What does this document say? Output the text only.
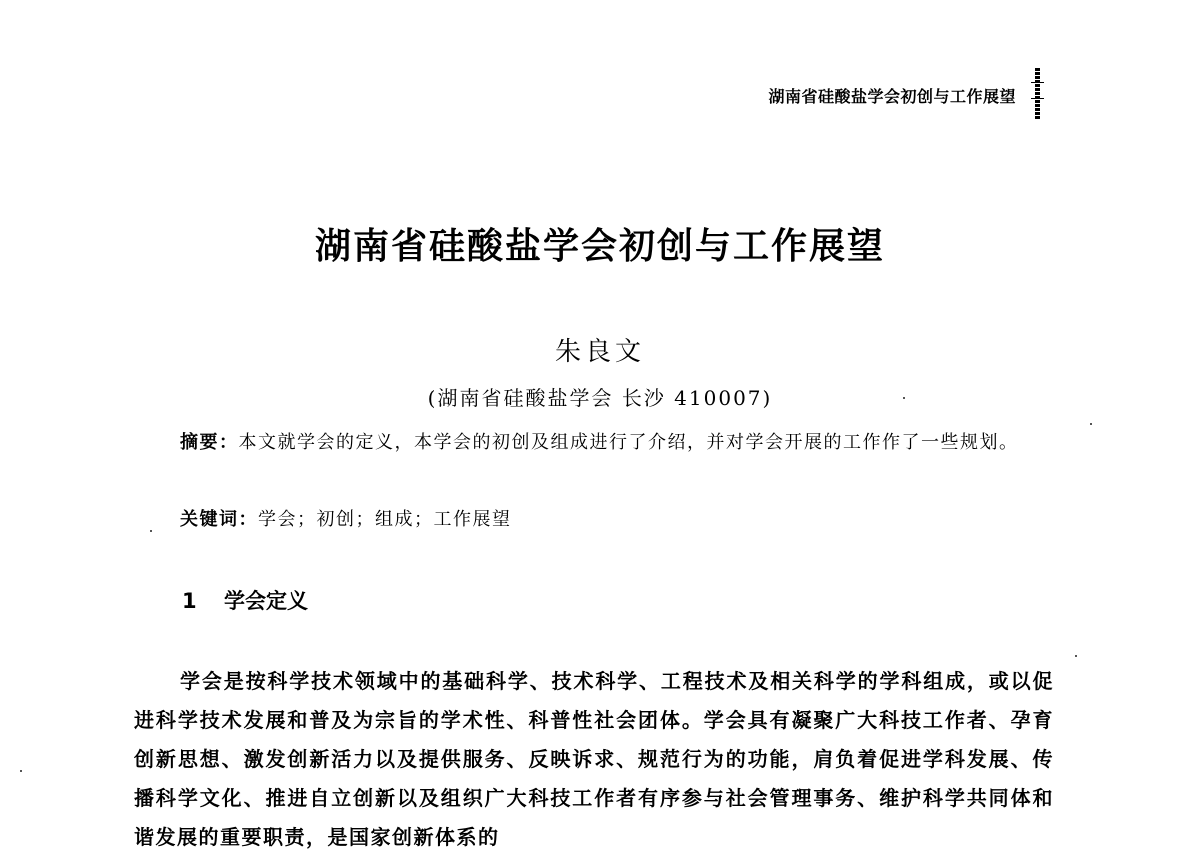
湖南省硅酸盐学会初创与工作展望
湖南省硅酸盐学会初创与工作展望
朱良文
(湖南省硅酸盐学会 长沙 410007)
摘要：本文就学会的定义，本学会的初创及组成进行了介绍，并对学会开展的工作作了一些规划。
关键词：学会；初创；组成；工作展望
1 学会定义
学会是按科学技术领域中的基础科学、技术科学、工程技术及相关科学的学科组成，或以促进科学技术发展和普及为宗旨的学术性、科普性社会团体。学会具有凝聚广大科技工作者、孕育创新思想、激发创新活力以及提供服务、反映诉求、规范行为的功能，肩负着促进学科发展、传播科学文化、推进自立创新以及组织广大科技工作者有序参与社会管理事务、维护科学共同体和谐发展的重要职责，是国家创新体系的
